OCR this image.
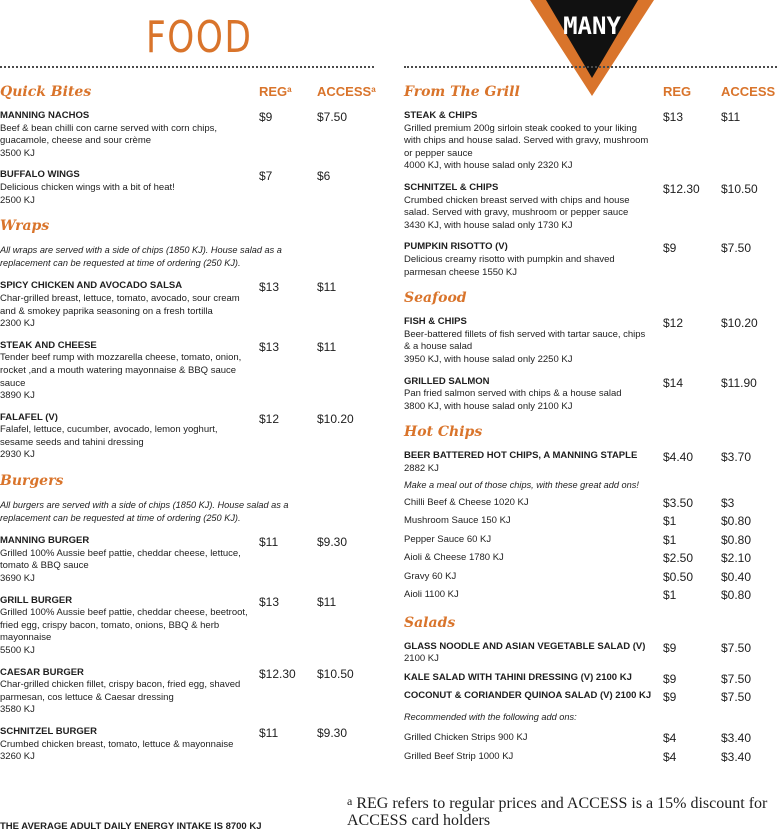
FOOD	MANY
Quick Bites	REG$^a$ ACCESS$^a$
MANNING NACHOS
Beef & bean chilli con carne served with corn chips, guacamole, cheese and sour crème
3500 KJ
$9	$7.50
BUFFALO WINGS
Delicious chicken wings with a bit of heat!
2500 KJ
$7	$6
Wraps
All wraps are served with a side of chips (1850 KJ). House salad as a replacement can be requested at time of ordering (250 KJ).
SPICY CHICKEN AND AVOCADO SALSA
Char-grilled breast, lettuce, tomato, avocado, sour cream and & smokey paprika seasoning on a fresh tortilla
2300 KJ
$13	$11
STEAK AND CHEESE
Tender beef rump with mozzarella cheese, tomato, onion, rocket ,and a mouth watering mayonnaise & BBQ sauce sauce
3890 KJ
$13	$11
FALAFEL (V)
Falafel, lettuce, cucumber, avocado, lemon yoghurt, sesame seeds and tahini dressing
2930 KJ
$12	$10.20
Burgers
All burgers are served with a side of chips (1850 KJ). House salad as a replacement can be requested at time of ordering (250 KJ).
MANNING BURGER
Grilled 100% Aussie beef pattie, cheddar cheese, lettuce, tomato & BBQ sauce
3690 KJ
$11	$9.30
GRILL BURGER
Grilled 100% Aussie beef pattie, cheddar cheese, beetroot, fried egg, crispy bacon, tomato, onions, BBQ & herb mayonnaise
5500 KJ
$13	$11
CAESAR BURGER
Char-grilled chicken fillet, crispy bacon, fried egg, shaved parmesan, cos lettuce & Caesar dressing
3580 KJ
$12.30 $10.50
SCHNITZEL BURGER
Crumbed chicken breast, tomato, lettuce & mayonnaise
3260 KJ
$11	$9.30
From The Grill	REG ACCESS
STEAK & CHIPS
Grilled premium 200g sirloin steak cooked to your liking with chips and house salad. Served with gravy, mushroom or pepper sauce
4000 KJ, with house salad only 2320 KJ
$13	$11
SCHNITZEL & CHIPS
Crumbed chicken breast served with chips and house salad. Served with gravy, mushroom or pepper sauce
3430 KJ, with house salad only 1730 KJ
$12.30 $10.50
PUMPKIN RISOTTO (V)
Delicious creamy risotto with pumpkin and shaved parmesan cheese 1550 KJ
$9	$7.50
Seafood
FISH & CHIPS
Beer-battered fillets of fish served with tartar sauce, chips & a house salad
3950 KJ, with house salad only 2250 KJ
$12	$10.20
GRILLED SALMON
Pan fried salmon served with chips & a house salad
3800 KJ, with house salad only 2100 KJ
$14	$11.90
Hot Chips
BEER BATTERED HOT CHIPS, A MANNING STAPLE
2882 KJ
$4.40 $3.70
Make a meal out of those chips, with these great add ons!
Chilli Beef & Cheese 1020 KJ	$3.50 $3
Mushroom Sauce 150 KJ	$1	$0.80
Pepper Sauce 60 KJ	$1	$0.80
Aioli & Cheese 1780 KJ	$2.50 $2.10
Gravy 60 KJ	$0.50 $0.40
Aioli 1100 KJ	$1	$0.80
Salads
GLASS NOODLE AND ASIAN VEGETABLE SALAD (V)
2100 KJ
$9	$7.50
KALE SALAD WITH TAHINI DRESSING (V) 2100 KJ	$9	$7.50
COCONUT & CORIANDER QUINOA SALAD (V) 2100 KJ $9	$7.50
Recommended with the following add ons:
Grilled Chicken Strips 900 KJ	$4	$3.40
Grilled Beef Strip 1000 KJ	$4	$3.40
THE AVERAGE ADULT DAILY ENERGY INTAKE IS 8700 KJ
$^a$ REG refers to regular prices and ACCESS is a 15% discount for ACCESS card holders
